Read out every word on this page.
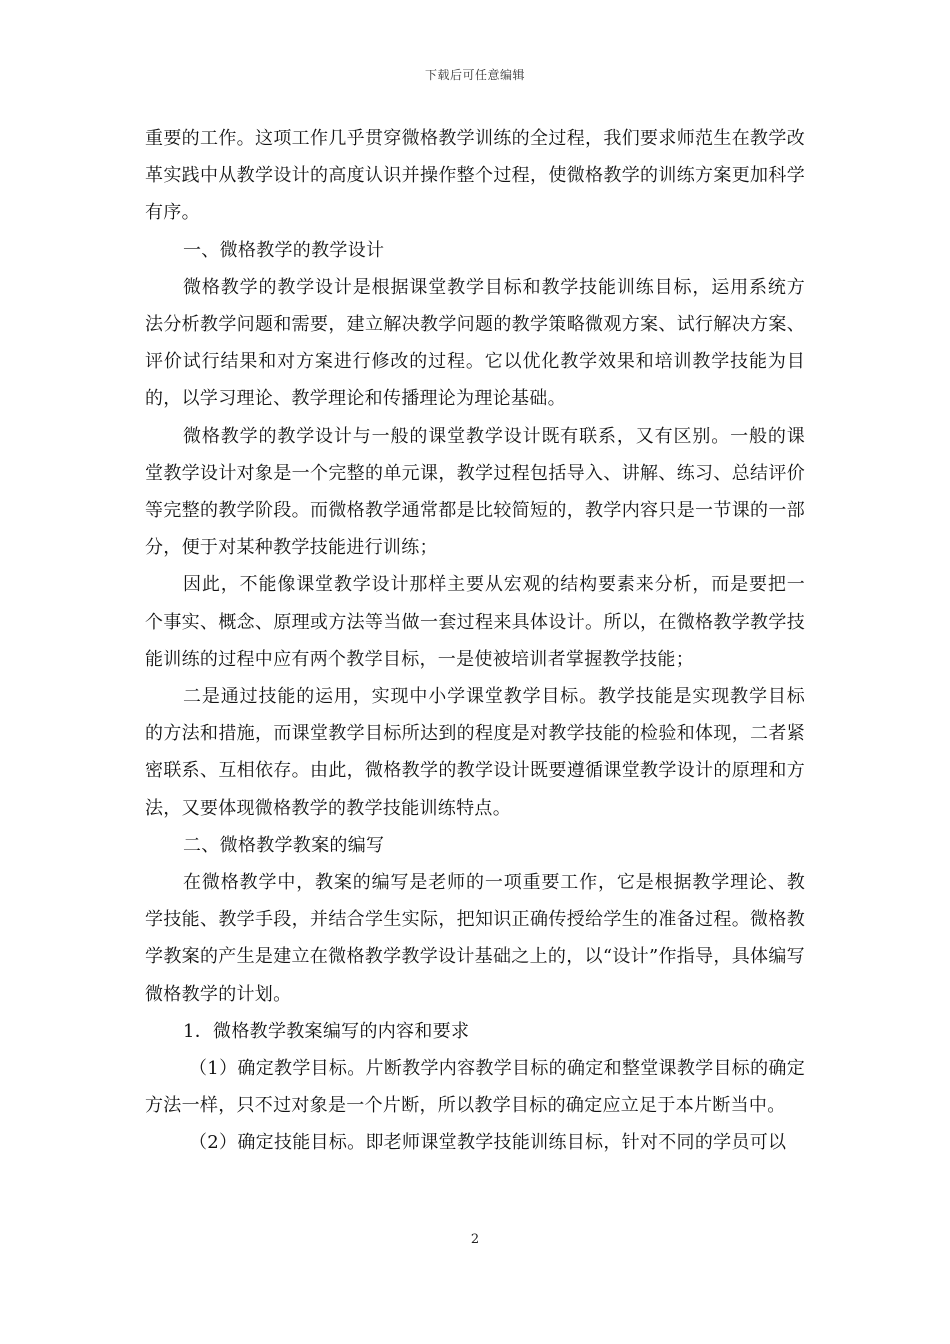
下载后可任意编辑

重要的工作。这项工作几乎贯穿微格教学训练的全过程，我们要求师范生在教学改革实践中从教学设计的高度认识并操作整个过程，使微格教学的训练方案更加科学有序。

一、微格教学的教学设计

微格教学的教学设计是根据课堂教学目标和教学技能训练目标，运用系统方法分析教学问题和需要，建立解决教学问题的教学策略微观方案、试行解决方案、评价试行结果和对方案进行修改的过程。它以优化教学效果和培训教学技能为目的，以学习理论、教学理论和传播理论为理论基础。

微格教学的教学设计与一般的课堂教学设计既有联系，又有区别。一般的课堂教学设计对象是一个完整的单元课，教学过程包括导入、讲解、练习、总结评价等完整的教学阶段。而微格教学通常都是比较简短的，教学内容只是一节课的一部分，便于对某种教学技能进行训练；

因此，不能像课堂教学设计那样主要从宏观的结构要素来分析，而是要把一个事实、概念、原理或方法等当做一套过程来具体设计。所以，在微格教学教学技能训练的过程中应有两个教学目标，一是使被培训者掌握教学技能；

二是通过技能的运用，实现中小学课堂教学目标。教学技能是实现教学目标的方法和措施，而课堂教学目标所达到的程度是对教学技能的检验和体现，二者紧密联系、互相依存。由此，微格教学的教学设计既要遵循课堂教学设计的原理和方法，又要体现微格教学的教学技能训练特点。

二、微格教学教案的编写

在微格教学中，教案的编写是老师的一项重要工作，它是根据教学理论、教学技能、教学手段，并结合学生实际，把知识正确传授给学生的准备过程。微格教学教案的产生是建立在微格教学教学设计基础之上的，以“设计”作指导，具体编写微格教学的计划。

1．微格教学教案编写的内容和要求

（1）确定教学目标。片断教学内容教学目标的确定和整堂课教学目标的确定方法一样，只不过对象是一个片断，所以教学目标的确定应立足于本片断当中。

（2）确定技能目标。即老师课堂教学技能训练目标，针对不同的学员可以

2
